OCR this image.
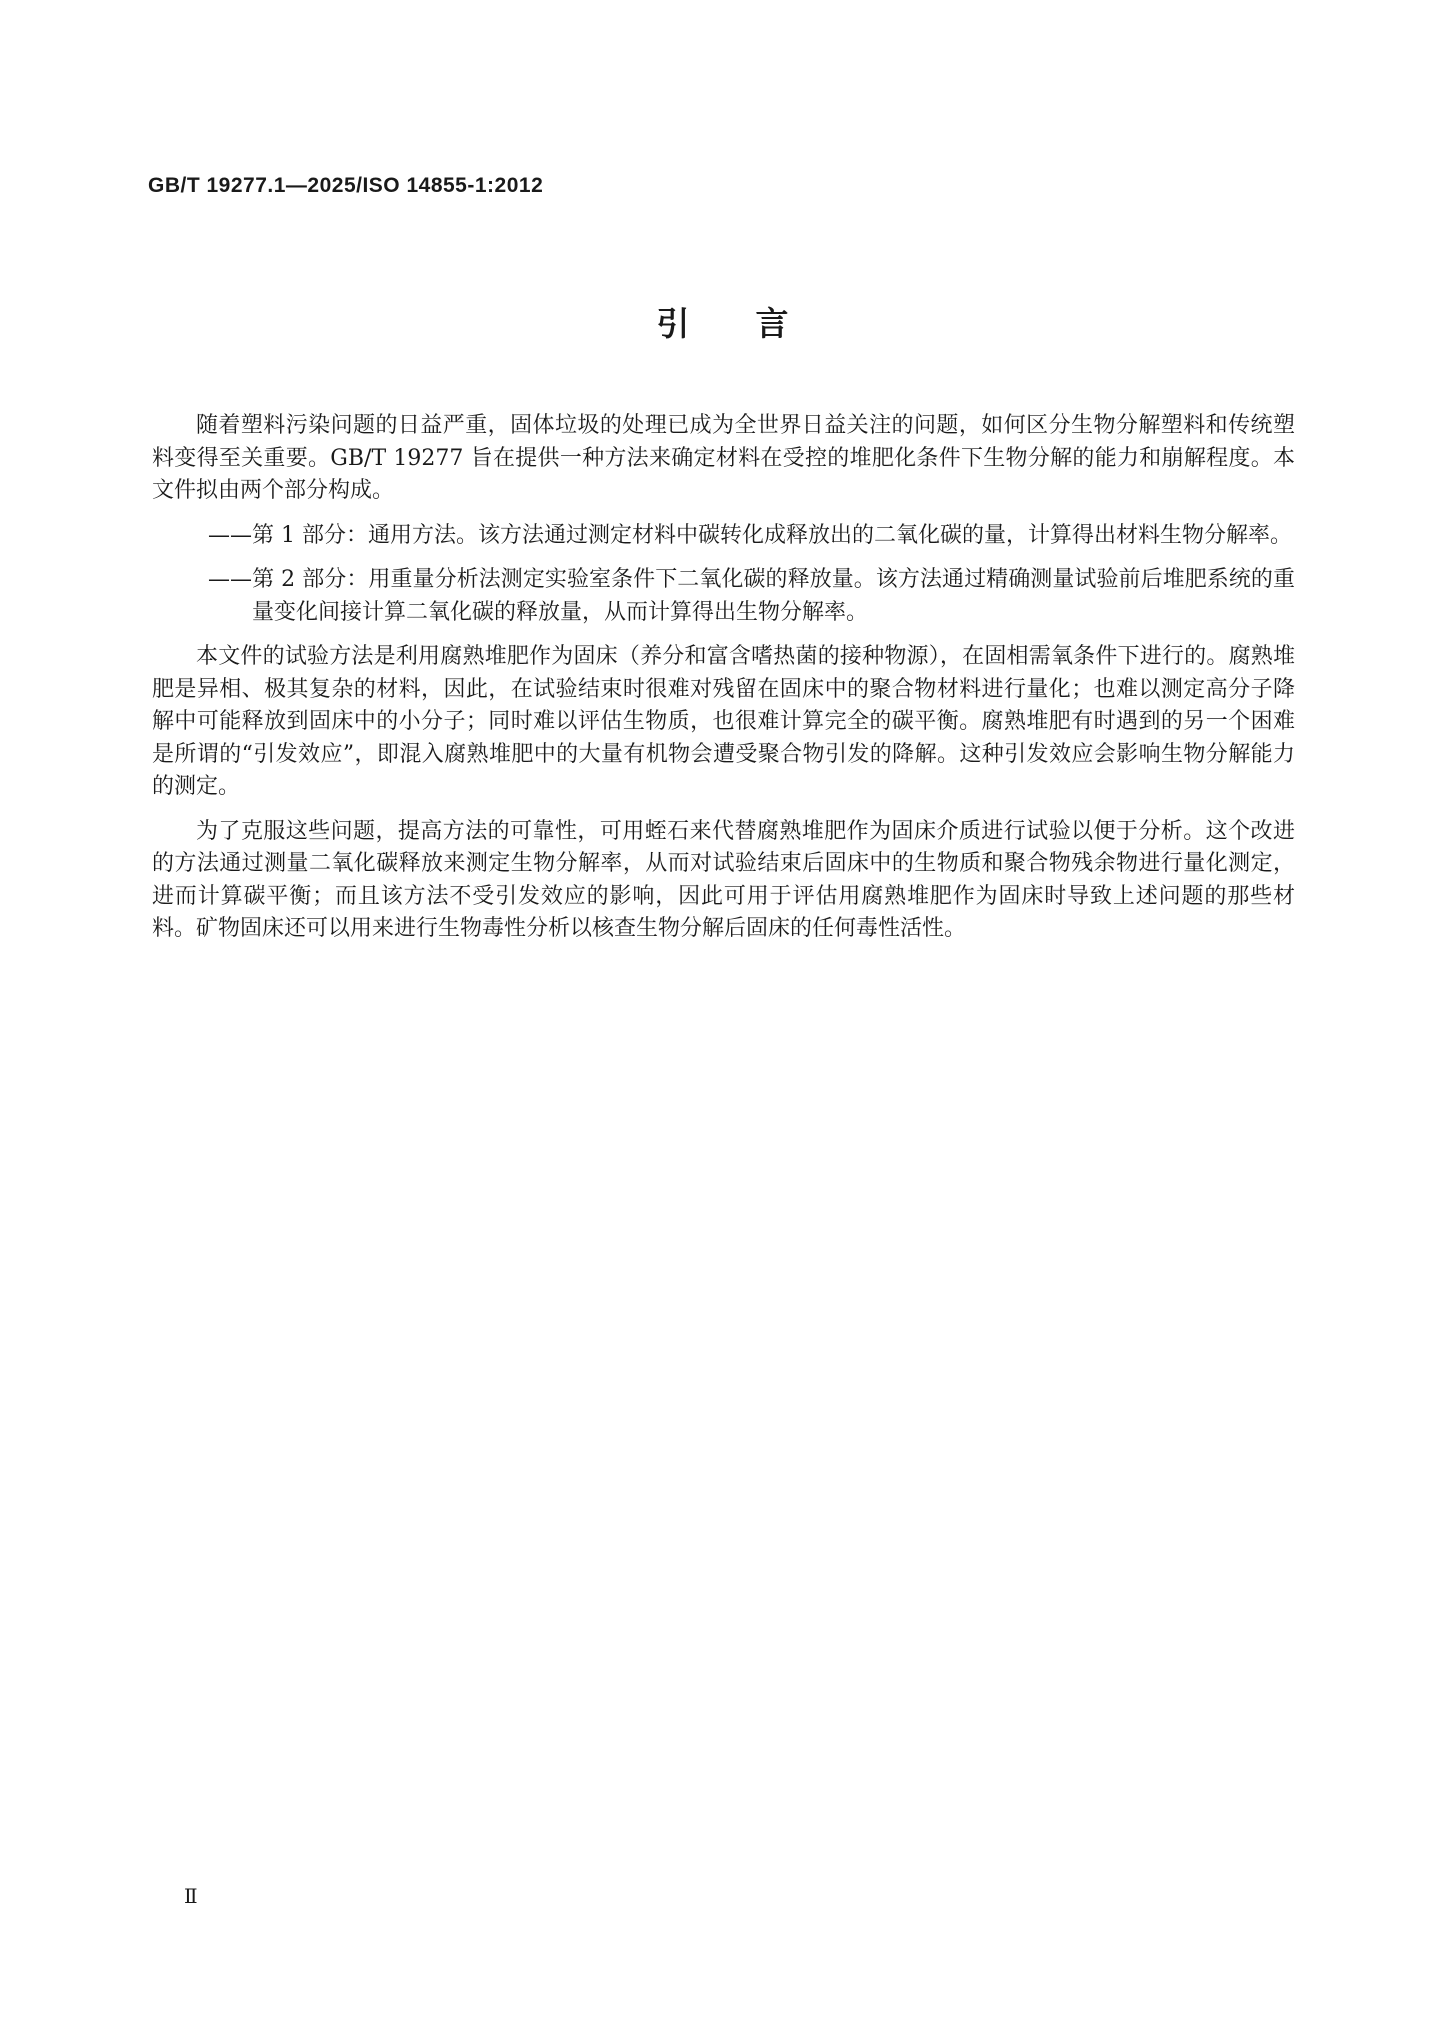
GB/T 19277.1—2025/ISO 14855-1:2012
引言

随着塑料污染问题的日益严重，固体垃圾的处理已成为全世界日益关注的问题，如何区分生物分解塑料和传统塑料变得至关重要。GB/T 19277 旨在提供一种方法来确定材料在受控的堆肥化条件下生物分解的能力和崩解程度。本文件拟由两个部分构成。

——第 1 部分：通用方法。该方法通过测定材料中碳转化成释放出的二氧化碳的量，计算得出材料生物分解率。

——第 2 部分：用重量分析法测定实验室条件下二氧化碳的释放量。该方法通过精确测量试验前后堆肥系统的重量变化间接计算二氧化碳的释放量，从而计算得出生物分解率。

本文件的试验方法是利用腐熟堆肥作为固床（养分和富含嗜热菌的接种物源），在固相需氧条件下进行的。腐熟堆肥是异相、极其复杂的材料，因此，在试验结束时很难对残留在固床中的聚合物材料进行量化；也难以测定高分子降解中可能释放到固床中的小分子；同时难以评估生物质，也很难计算完全的碳平衡。腐熟堆肥有时遇到的另一个困难是所谓的“引发效应”，即混入腐熟堆肥中的大量有机物会遭受聚合物引发的降解。这种引发效应会影响生物分解能力的测定。

为了克服这些问题，提高方法的可靠性，可用蛭石来代替腐熟堆肥作为固床介质进行试验以便于分析。这个改进的方法通过测量二氧化碳释放来测定生物分解率，从而对试验结束后固床中的生物质和聚合物残余物进行量化测定，进而计算碳平衡；而且该方法不受引发效应的影响，因此可用于评估用腐熟堆肥作为固床时导致上述问题的那些材料。矿物固床还可以用来进行生物毒性分析以核查生物分解后固床的任何毒性活性。

Ⅱ
